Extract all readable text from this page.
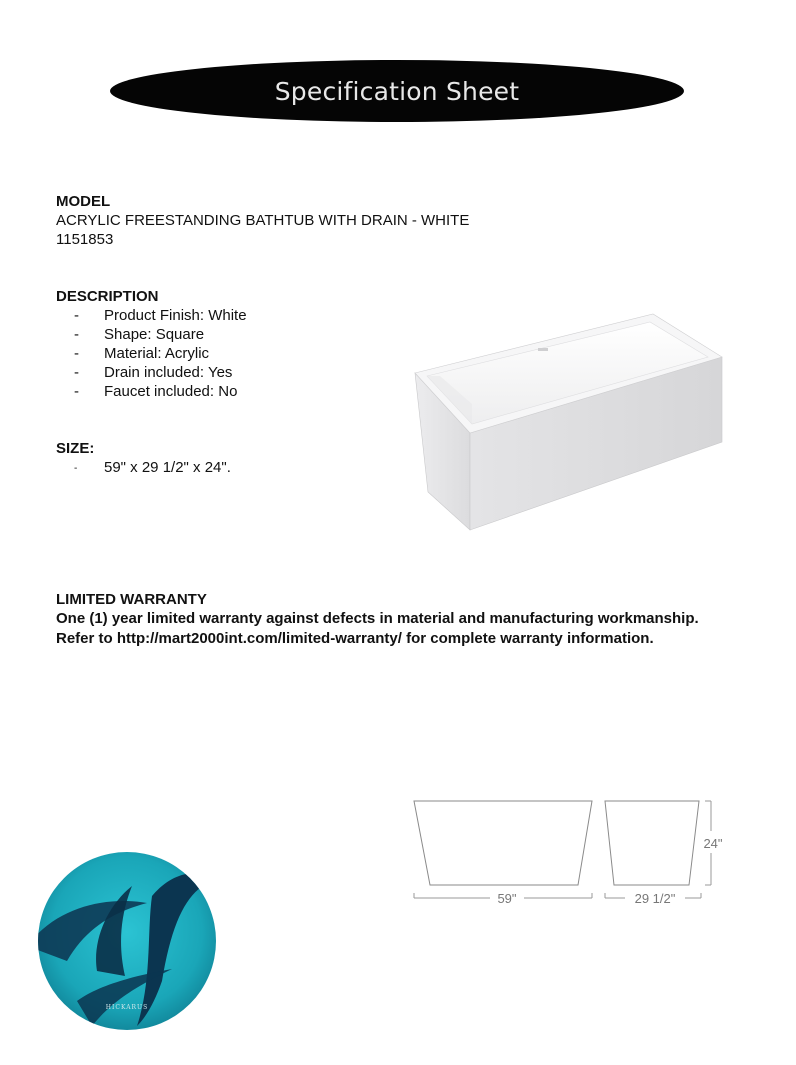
Specification Sheet
MODEL
ACRYLIC FREESTANDING BATHTUB WITH DRAIN - WHITE
1151853
DESCRIPTION
- Product Finish: White
- Shape: Square
- Material: Acrylic
- Drain included: Yes
- Faucet included: No
SIZE:
- 59" x 29 1/2" x 24".
LIMITED WARRANTY
One (1) year limited warranty against defects in material and manufacturing workmanship.
Refer to http://mart2000int.com/limited-warranty/ for complete warranty information.
59"	29 1/2"
24"
HICKARUS
